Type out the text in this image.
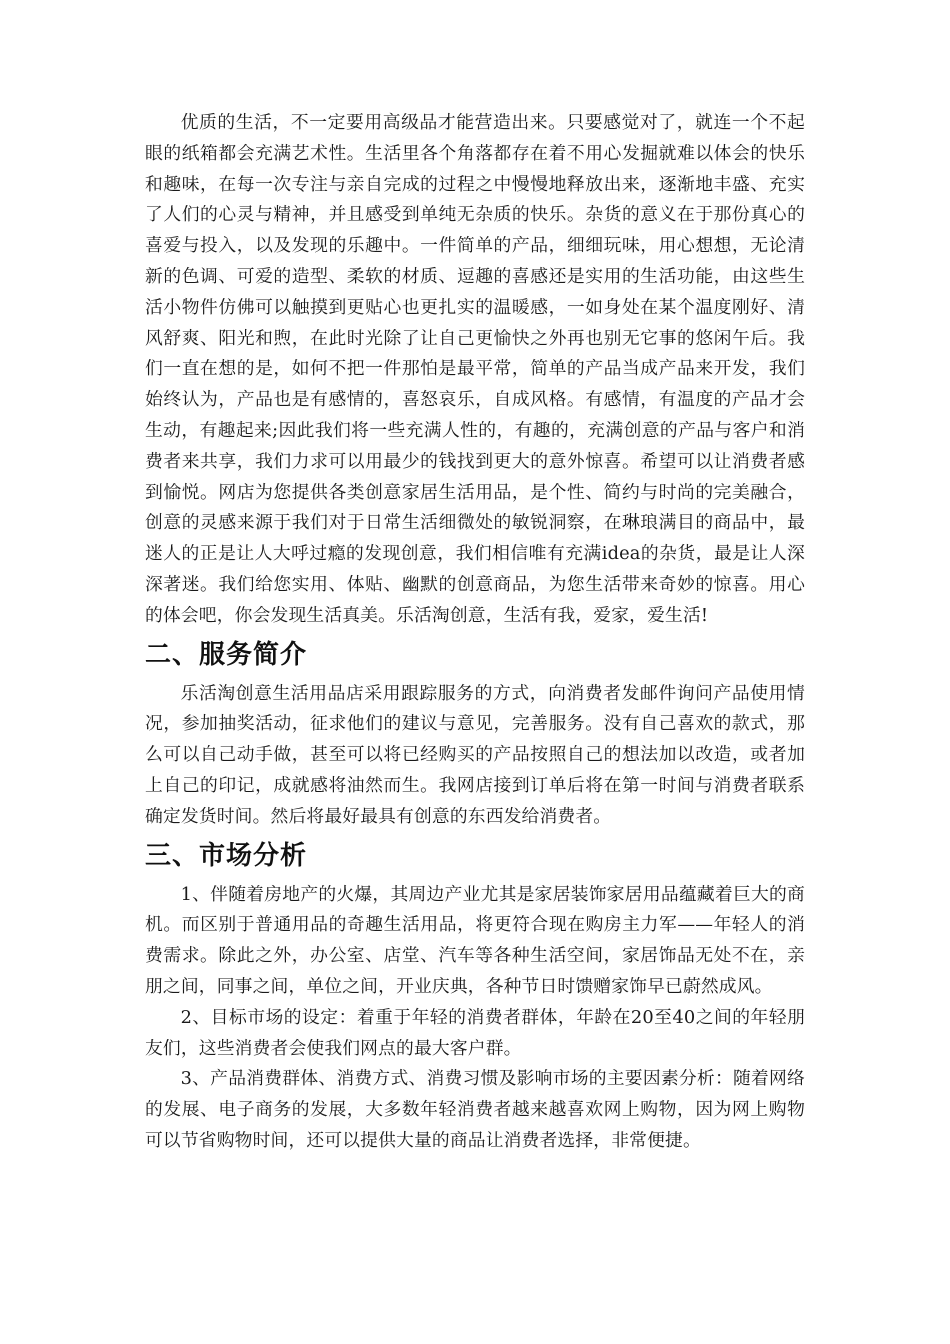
优质的生活，不一定要用高级品才能营造出来。只要感觉对了，就连一个不起眼的纸箱都会充满艺术性。生活里各个角落都存在着不用心发掘就难以体会的快乐和趣味，在每一次专注与亲自完成的过程之中慢慢地释放出来，逐渐地丰盛、充实了人们的心灵与精神，并且感受到单纯无杂质的快乐。杂货的意义在于那份真心的喜爱与投入，以及发现的乐趣中。一件简单的产品，细细玩味，用心想想，无论清新的色调、可爱的造型、柔软的材质、逗趣的喜感还是实用的生活功能，由这些生活小物件仿佛可以触摸到更贴心也更扎实的温暖感，一如身处在某个温度刚好、清风舒爽、阳光和煦，在此时光除了让自己更愉快之外再也别无它事的悠闲午后。我们一直在想的是，如何不把一件那怕是最平常，简单的产品当成产品来开发，我们始终认为，产品也是有感情的，喜怒哀乐，自成风格。有感情，有温度的产品才会生动，有趣起来;因此我们将一些充满人性的，有趣的，充满创意的产品与客户和消费者来共享，我们力求可以用最少的钱找到更大的意外惊喜。希望可以让消费者感到愉悦。网店为您提供各类创意家居生活用品，是个性、简约与时尚的完美融合，创意的灵感来源于我们对于日常生活细微处的敏锐洞察，在琳琅满目的商品中，最迷人的正是让人大呼过瘾的发现创意，我们相信唯有充满idea的杂货，最是让人深深著迷。我们给您实用、体贴、幽默的创意商品，为您生活带来奇妙的惊喜。用心的体会吧，你会发现生活真美。乐活淘创意，生活有我，爱家，爱生活!

二、服务简介

乐活淘创意生活用品店采用跟踪服务的方式，向消费者发邮件询问产品使用情况，参加抽奖活动，征求他们的建议与意见，完善服务。没有自己喜欢的款式，那么可以自己动手做，甚至可以将已经购买的产品按照自己的想法加以改造，或者加上自己的印记，成就感将油然而生。我网店接到订单后将在第一时间与消费者联系确定发货时间。然后将最好最具有创意的东西发给消费者。

三、市场分析

1、伴随着房地产的火爆，其周边产业尤其是家居装饰家居用品蕴藏着巨大的商机。而区别于普通用品的奇趣生活用品，将更符合现在购房主力军——年轻人的消费需求。除此之外，办公室、店堂、汽车等各种生活空间，家居饰品无处不在，亲朋之间，同事之间，单位之间，开业庆典，各种节日时馈赠家饰早已蔚然成风。

2、目标市场的设定：着重于年轻的消费者群体，年龄在20至40之间的年轻朋友们，这些消费者会使我们网点的最大客户群。

3、产品消费群体、消费方式、消费习惯及影响市场的主要因素分析：随着网络的发展、电子商务的发展，大多数年轻消费者越来越喜欢网上购物，因为网上购物可以节省购物时间，还可以提供大量的商品让消费者选择，非常便捷。
